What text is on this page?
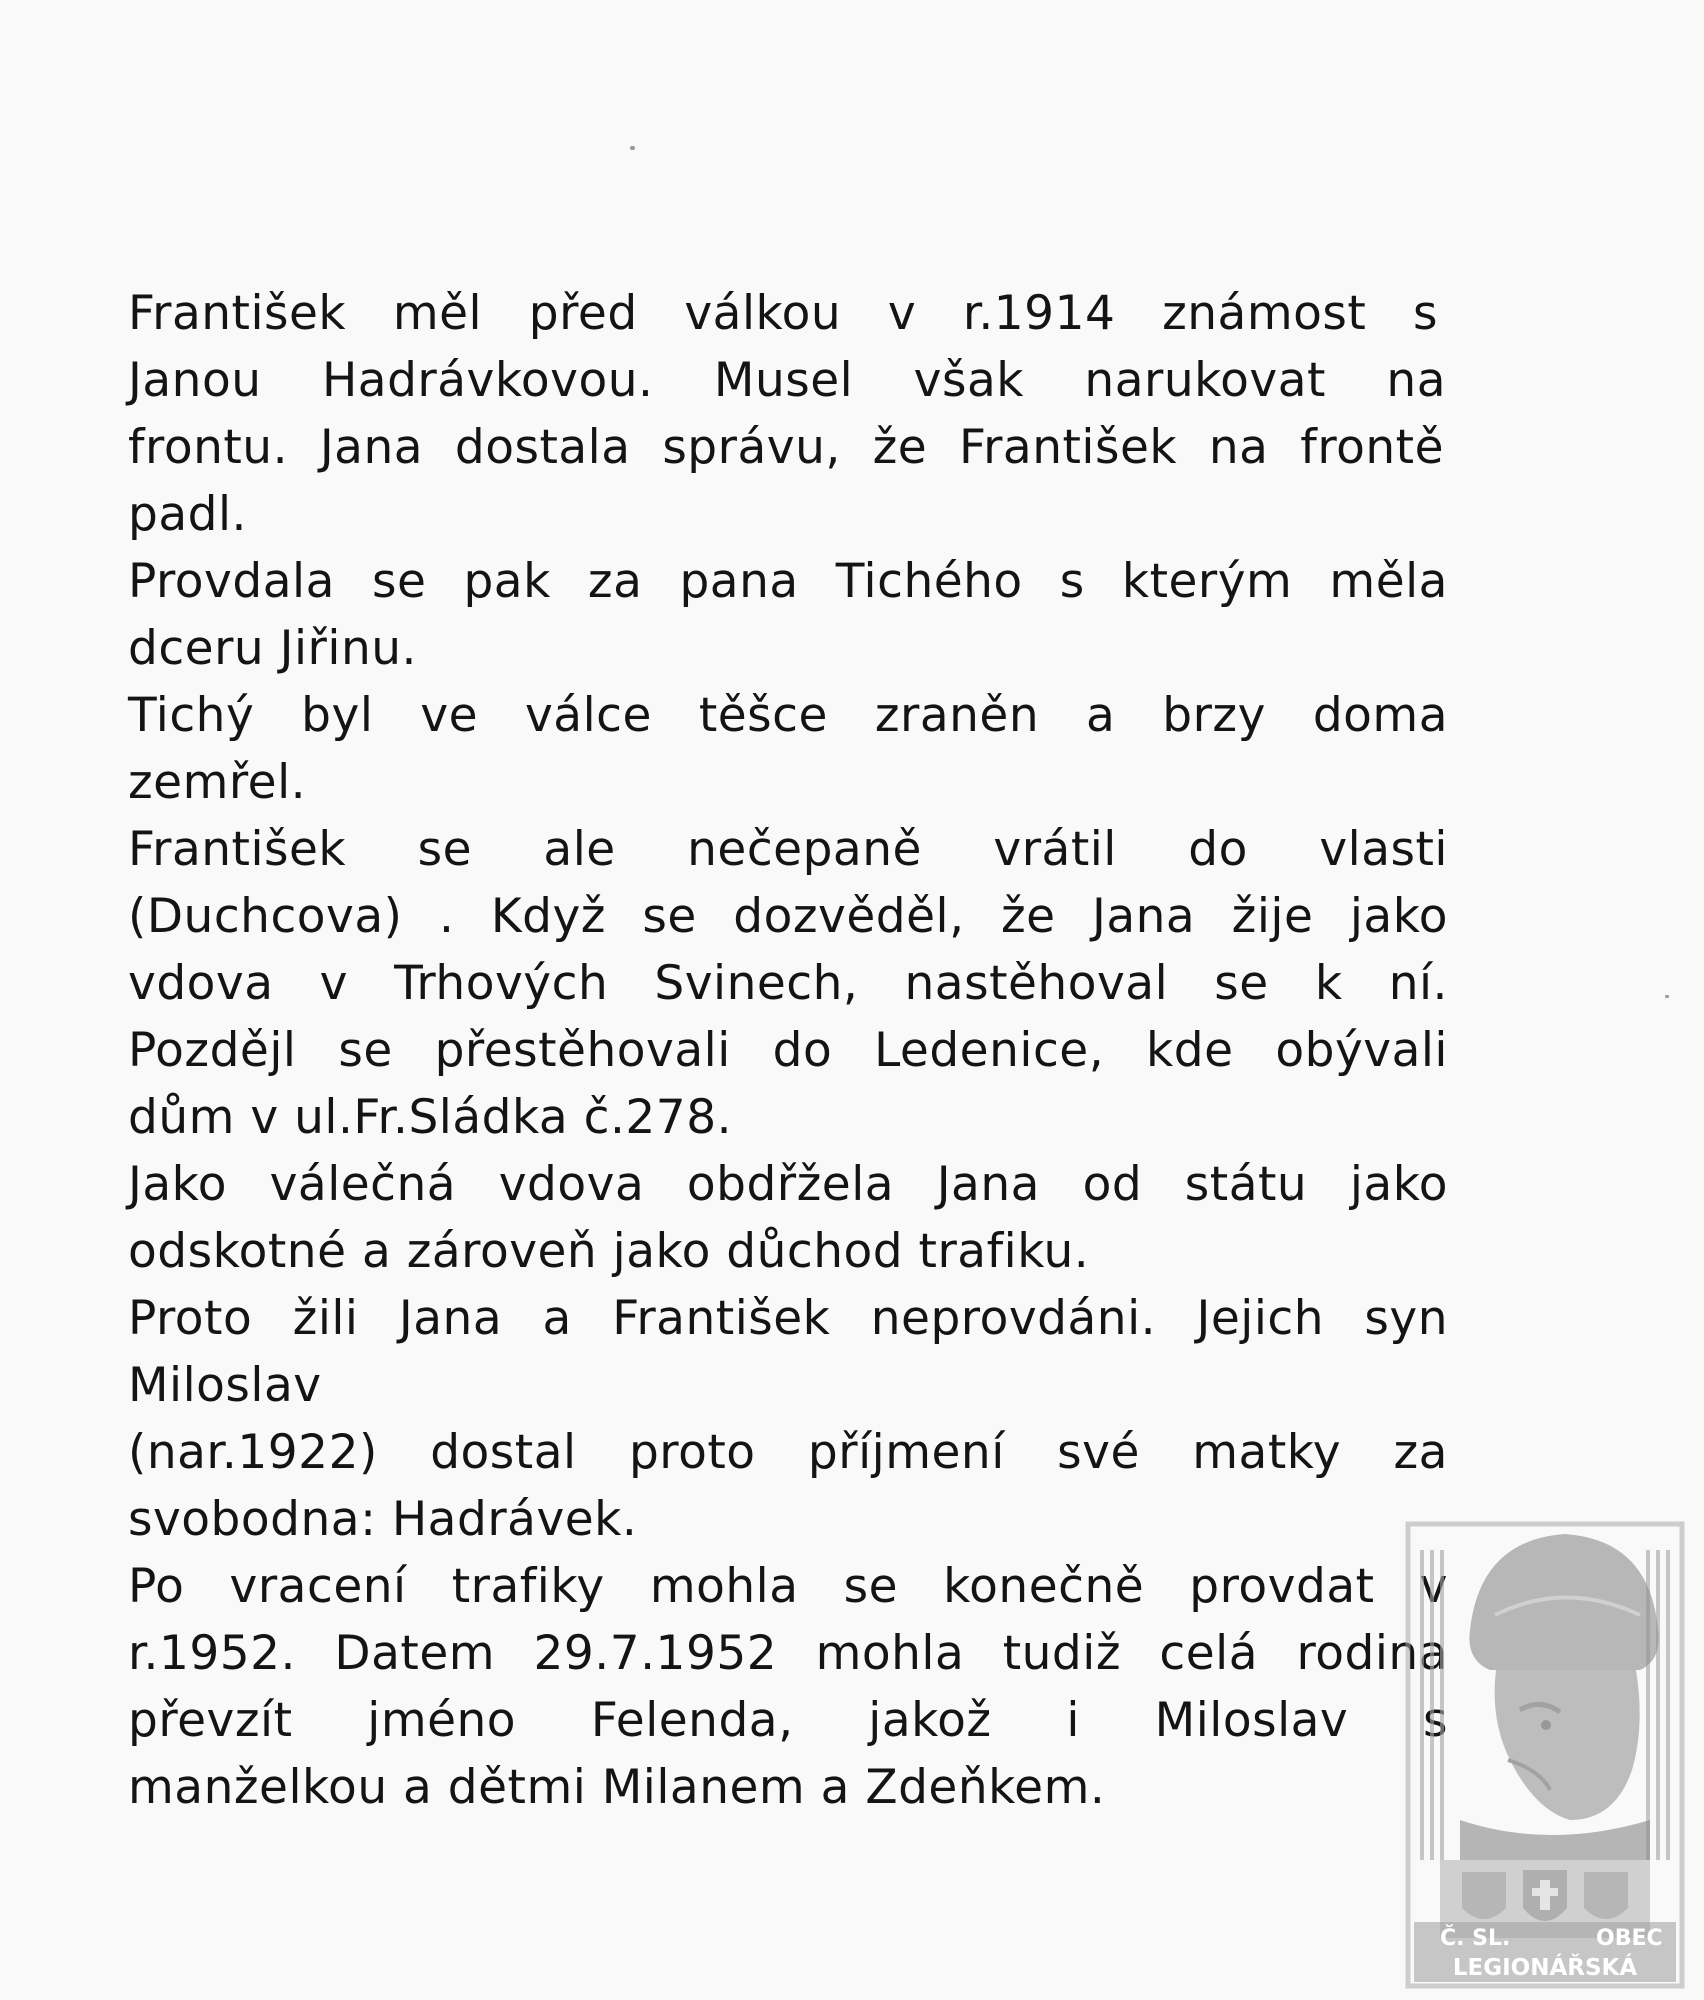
František měl před válkou v r.1914 známost s
Janou Hadrávkovou. Musel však narukovat na
frontu. Jana dostala správu, že František na frontě
padl.
Provdala se pak za pana Tichého s kterým měla
dceru Jiřinu.
Tichý byl ve válce těšce zraněn a brzy doma
zemřel.
František se ale nečepaně vrátil do vlasti
(Duchcova) . Když se dozvěděl, že Jana žije jako
vdova v Trhových Svinech, nastěhoval se k ní.
Pozdějl se přestěhovali do Ledenice, kde obývali
dům v ul.Fr.Sládka č.278.
Jako válečná vdova obdřžela Jana od státu jako
odskotné a zároveň jako důchod trafiku.
Proto žili Jana a František neprovdáni. Jejich syn
Miloslav
(nar.1922) dostal proto příjmení své matky za
svobodna: Hadrávek.
Po vracení trafiky mohla se konečně provdat v
r.1952. Datem 29.7.1952 mohla tudiž celá rodina
převzít jméno Felenda, jakož i Miloslav s
manželkou a dětmi Milanem a Zdeňkem.
Č. SL.	OBEC
LEGIONÁŘSKÁ
